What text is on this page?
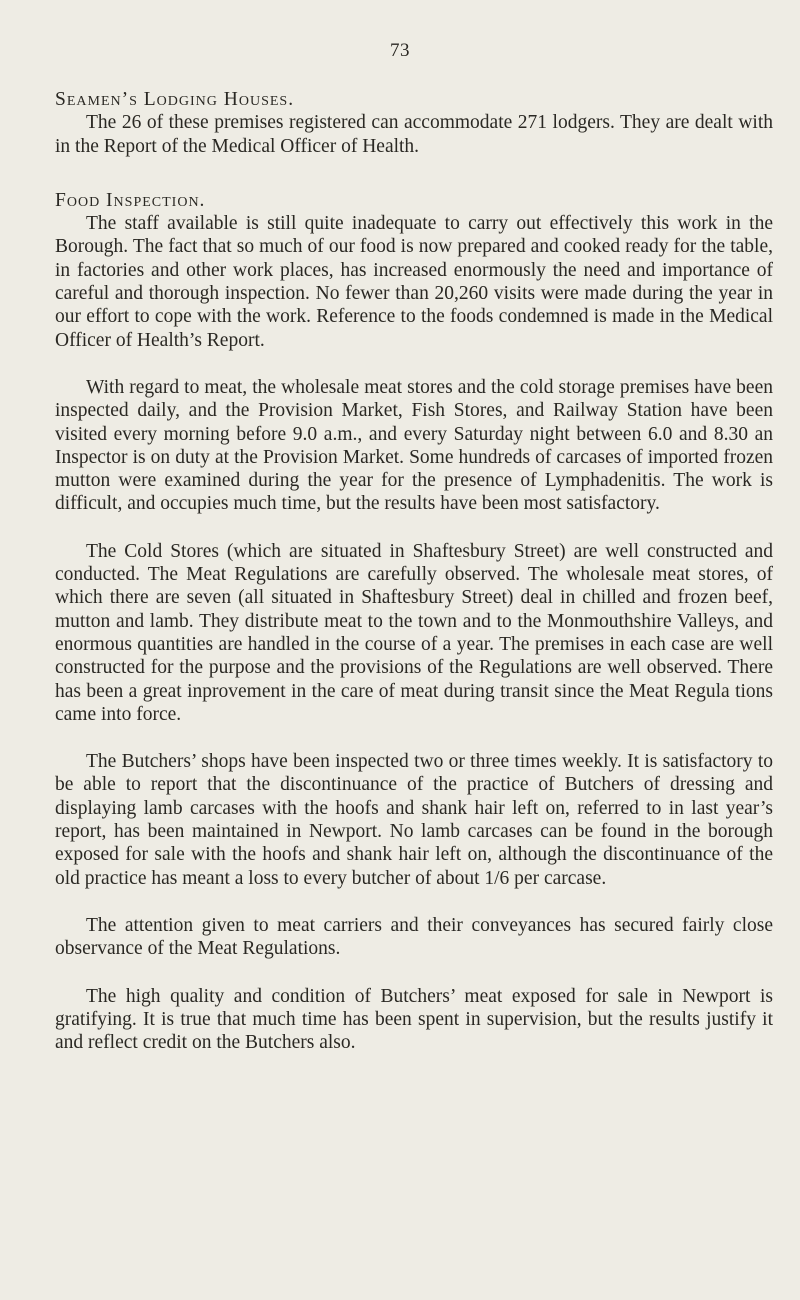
73

Seamen’s Lodging Houses.

The 26 of these premises registered can accommodate 271 lodgers. They are dealt with in the Report of the Medical Officer of Health.

Food Inspection.

The staff available is still quite inadequate to carry out effectively this work in the Borough. The fact that so much of our food is now prepared and cooked ready for the table, in factories and other work places, has increased enormously the need and importance of careful and thorough inspection. No fewer than 20,260 visits were made during the year in our effort to cope with the work. Reference to the foods condemned is made in the Medical Officer of Health’s Report.

With regard to meat, the wholesale meat stores and the cold storage premises have been inspected daily, and the Provision Market, Fish Stores, and Railway Station have been visited every morning before 9.0 a.m., and every Saturday night between 6.0 and 8.30 an Inspector is on duty at the Provision Market. Some hundreds of carcases of imported frozen mutton were examined during the year for the presence of Lymphadenitis. The work is difficult, and occupies much time, but the results have been most satisfactory.

The Cold Stores (which are situated in Shaftesbury Street) are well constructed and conducted. The Meat Regulations are carefully observed. The wholesale meat stores, of which there are seven (all situated in Shaftesbury Street) deal in chilled and frozen beef, mutton and lamb. They distribute meat to the town and to the Monmouthshire Valleys, and enormous quantities are handled in the course of a year. The premises in each case are well constructed for the purpose and the provisions of the Regulations are well observed. There has been a great inprovement in the care of meat during transit since the Meat Regula tions came into force.

The Butchers’ shops have been inspected two or three times weekly. It is satisfactory to be able to report that the discontinuance of the practice of Butchers of dressing and displaying lamb carcases with the hoofs and shank hair left on, referred to in last year’s report, has been maintained in Newport. No lamb carcases can be found in the borough exposed for sale with the hoofs and shank hair left on, although the discontinuance of the old practice has meant a loss to every butcher of about 1/6 per carcase.

The attention given to meat carriers and their conveyances has secured fairly close observance of the Meat Regulations.

The high quality and condition of Butchers’ meat exposed for sale in Newport is gratifying. It is true that much time has been spent in supervision, but the results justify it and reflect credit on the Butchers also.
